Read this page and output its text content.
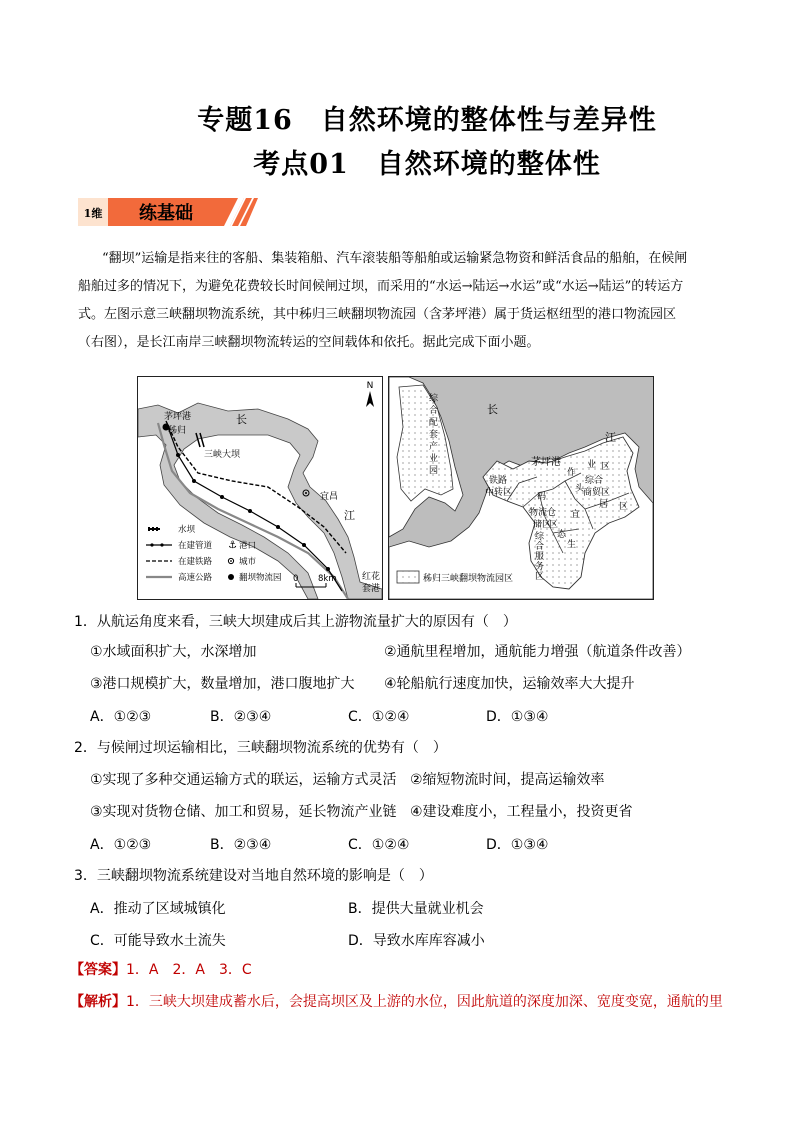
专题16　自然环境的整体性与差异性
考点01　自然环境的整体性
1维 练基础
“翻坝”运输是指来往的客船、集装箱船、汽车滚装船等船舶或运输紧急物资和鲜活食品的船舶，在候闸
船舶过多的情况下，为避免花费较长时间候闸过坝，而采用的“水运→陆运→水运”或“水运→陆运”的转运方
式。左图示意三峡翻坝物流系统，其中秭归三峡翻坝物流园（含茅坪港）属于货运枢纽型的港口物流园区
（右图），是长江南岸三峡翻坝物流转运的空间载体和依托。据此完成下面小题。
N
茅坪港
秭归
长
三峡大坝
宜昌
江
红花
套港
水坝
在建管道 ⚓ 港口
在建铁路	城市
高速公路	翻坝物流园 0 8km
综
合
配
套
产
业
园
长
江
茅坪港
铁路
中转区	码
头
作
业 区
综合
商贸区
物流仓
储区
宜
居 区
生
态
区
综
合
服
务
区
秭归三峡翻坝物流园区
1．从航运角度来看，三峡大坝建成后其上游物流量扩大的原因有（　）
①水域面积扩大，水深增加	②通航里程增加，通航能力增强（航道条件改善）
③港口规模扩大，数量增加，港口腹地扩大 ④轮船航行速度加快，运输效率大大提升
A．①②③	B．②③④	C．①②④	D．①③④
2．与候闸过坝运输相比，三峡翻坝物流系统的优势有（　）
①实现了多种交通运输方式的联运，运输方式灵活 ②缩短物流时间，提高运输效率
③实现对货物仓储、加工和贸易，延长物流产业链 ④建设难度小，工程量小，投资更省
A．①②③	B．②③④	C．①②④	D．①③④
3．三峡翻坝物流系统建设对当地自然环境的影响是（　）
A．推动了区域城镇化	B．提供大量就业机会
C．可能导致水土流失	D．导致水库库容减小
【答案】1．A　2．A　3．C
【解析】1．三峡大坝建成蓄水后，会提高坝区及上游的水位，因此航道的深度加深、宽度变宽，通航的里
